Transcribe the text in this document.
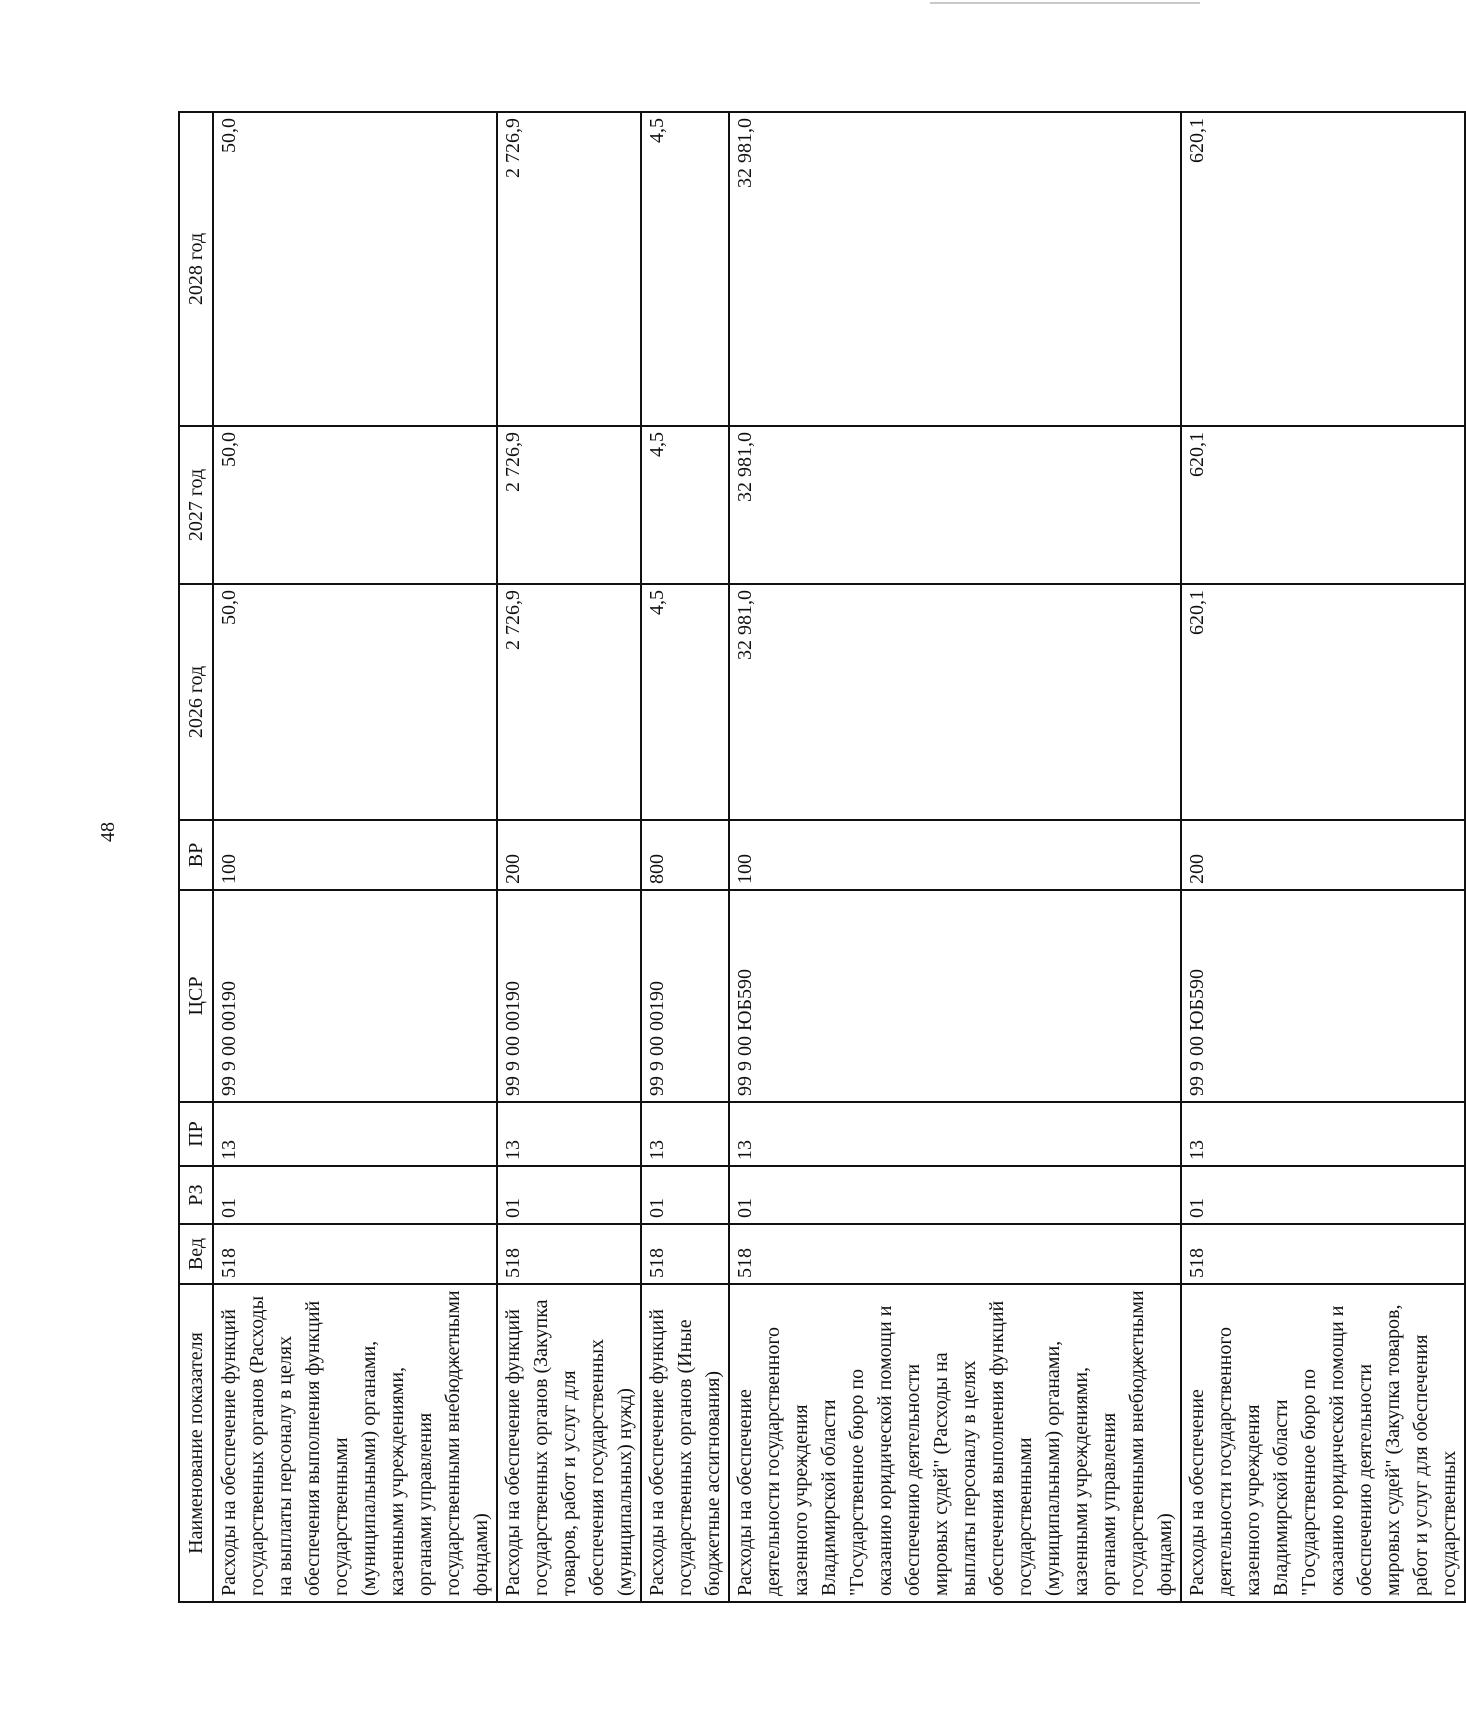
48
Наименование показателя	Вед	РЗ	ПР	ЦСР	ВР	2026 год	2027 год	2028 год
Расходы на обеспечение функций государственных органов (Расходы на выплаты персоналу в целях обеспечения выполнения функций государственными (муниципальными) органами, казенными учреждениями, органами управления государственными внебюджетными фондами)	518	01	13	99 9 00 00190	100	50,0	50,0	50,0
Расходы на обеспечение функций государственных органов (Закупка товаров, работ и услуг для обеспечения государственных (муниципальных) нужд)	518	01	13	99 9 00 00190	200	2 726,9	2 726,9	2 726,9
Расходы на обеспечение функций государственных органов (Иные бюджетные ассигнования)	518	01	13	99 9 00 00190	800	4,5	4,5	4,5
Расходы на обеспечение деятельности государственного казенного учреждения Владимирской области "Государственное бюро по оказанию юридической помощи и обеспечению деятельности мировых судей" (Расходы на выплаты персоналу в целях обеспечения выполнения функций государственными (муниципальными) органами, казенными учреждениями, органами управления государственными внебюджетными фондами)	518	01	13	99 9 00 ЮБ590	100	32 981,0	32 981,0	32 981,0
Расходы на обеспечение деятельности государственного казенного учреждения Владимирской области "Государственное бюро по оказанию юридической помощи и обеспечению деятельности мировых судей" (Закупка товаров, работ и услуг для обеспечения государственных	518	01	13	99 9 00 ЮБ590	200	620,1	620,1	620,1
